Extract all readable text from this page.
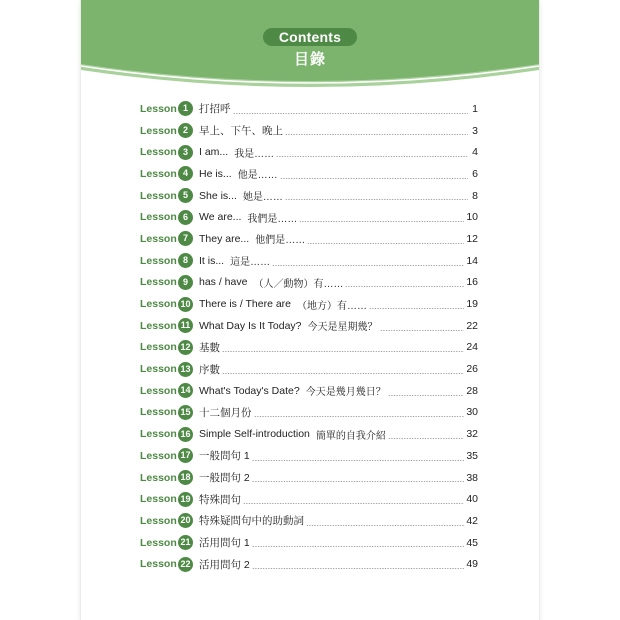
Contents
目錄
Lesson 1	打招呼	1
Lesson 2	早上、下午、晚上	3
Lesson 3	I am... 我是……	4
Lesson 4	He is... 他是……	6
Lesson 5	She is... 她是……	8
Lesson 6	We are... 我們是……	10
Lesson 7	They are... 他們是……	12
Lesson 8	It is... 這是……	14
Lesson 9	has / have （人／動物）有……	16
Lesson 10 There is / There are （地方）有……	19
Lesson 11 What Day Is It Today? 今天是星期幾？	22
Lesson 12 基數	24
Lesson 13 序數	26
Lesson 14 What's Today's Date? 今天是幾月幾日？	28
Lesson 15 十二個月份	30
Lesson 16 Simple Self-introduction 簡單的自我介紹	32
Lesson 17 一般問句 1	35
Lesson 18 一般問句 2	38
Lesson 19 特殊問句	40
Lesson 20 特殊疑問句中的助動詞	42
Lesson 21 活用問句 1	45
Lesson 22 活用問句 2	49
